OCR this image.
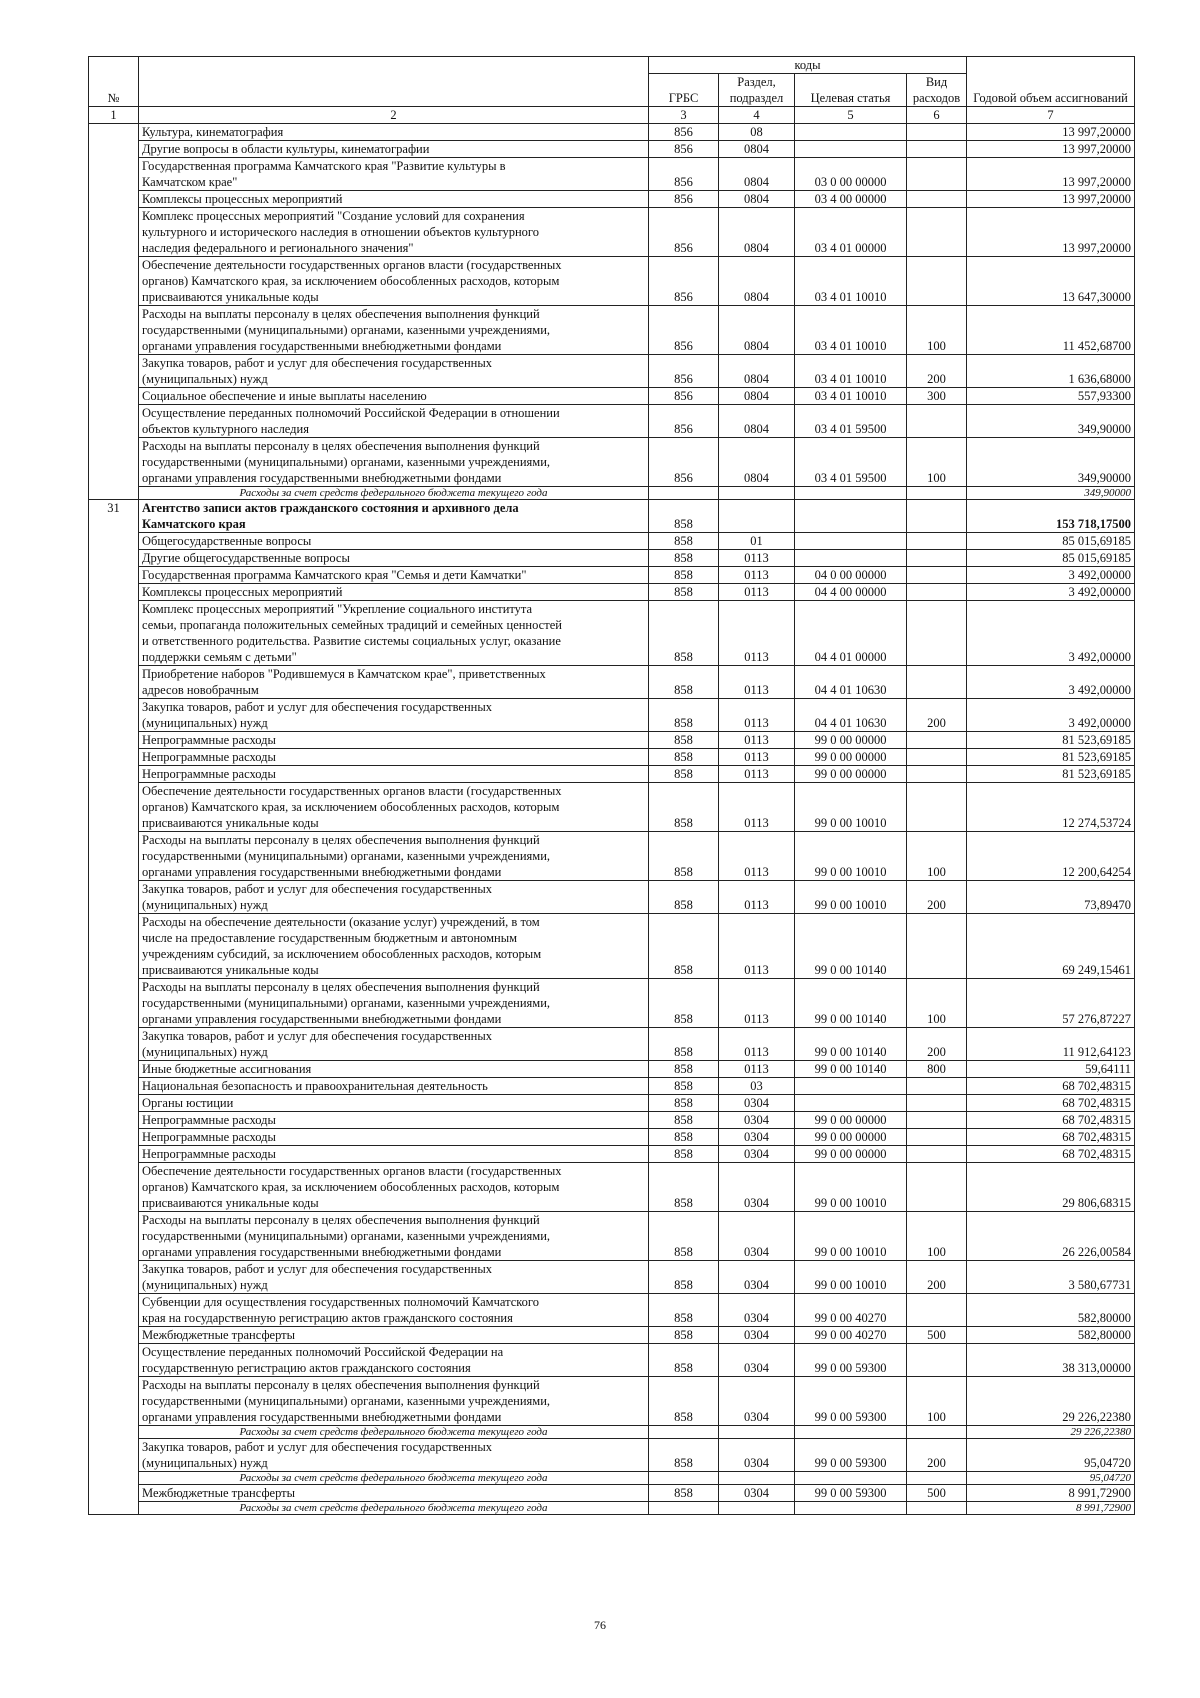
№		коды				Годовой объем ассигнований
		ГРБС	Раздел, подраздел	Целевая статья	Вид расходов	
1	2	3	4	5	6	7
	Культура, кинематография	856	08			13 997,20000
	Другие вопросы в области культуры, кинематографии	856	0804			13 997,20000
	Государственная программа Камчатского края "Развитие культуры в
Камчатском крае"	856	0804	03 0 00 00000		13 997,20000
	Комплексы процессных мероприятий	856	0804	03 4 00 00000		13 997,20000
	Комплекс процессных мероприятий "Создание условий для сохранения
культурного и исторического наследия в отношении объектов культурного
наследия федерального и регионального значения"	856	0804	03 4 01 00000		13 997,20000
	Обеспечение деятельности государственных органов власти (государственных
органов) Камчатского края, за исключением обособленных расходов, которым
присваиваются уникальные коды	856	0804	03 4 01 10010		13 647,30000
	Расходы на выплаты персоналу в целях обеспечения выполнения функций
государственными (муниципальными) органами, казенными учреждениями,
органами управления государственными внебюджетными фондами	856	0804	03 4 01 10010	100	11 452,68700
	Закупка товаров, работ и услуг для обеспечения государственных
(муниципальных) нужд	856	0804	03 4 01 10010	200	1 636,68000
	Социальное обеспечение и иные выплаты населению	856	0804	03 4 01 10010	300	557,93300
	Осуществление переданных полномочий Российской Федерации в отношении
объектов культурного наследия	856	0804	03 4 01 59500		349,90000
	Расходы на выплаты персоналу в целях обеспечения выполнения функций
государственными (муниципальными) органами, казенными учреждениями,
органами управления государственными внебюджетными фондами	856	0804	03 4 01 59500	100	349,90000
	Расходы за счет средств федерального бюджета текущего года					349,90000
31	Агентство записи актов гражданского состояния и архивного дела
Камчатского края	858				153 718,17500
	Общегосударственные вопросы	858	01			85 015,69185
	Другие общегосударственные вопросы	858	0113			85 015,69185
	Государственная программа Камчатского края "Семья и дети Камчатки"	858	0113	04 0 00 00000		3 492,00000
	Комплексы процессных мероприятий	858	0113	04 4 00 00000		3 492,00000
	Комплекс процессных мероприятий "Укрепление социального института
семьи, пропаганда положительных семейных традиций и семейных ценностей
и ответственного родительства. Развитие системы социальных услуг, оказание
поддержки семьям с детьми"	858	0113	04 4 01 00000		3 492,00000
	Приобретение наборов "Родившемуся в Камчатском крае", приветственных
адресов новобрачным	858	0113	04 4 01 10630		3 492,00000
	Закупка товаров, работ и услуг для обеспечения государственных
(муниципальных) нужд	858	0113	04 4 01 10630	200	3 492,00000
	Непрограммные расходы	858	0113	99 0 00 00000		81 523,69185
	Непрограммные расходы	858	0113	99 0 00 00000		81 523,69185
	Непрограммные расходы	858	0113	99 0 00 00000		81 523,69185
	Обеспечение деятельности государственных органов власти (государственных
органов) Камчатского края, за исключением обособленных расходов, которым
присваиваются уникальные коды	858	0113	99 0 00 10010		12 274,53724
	Расходы на выплаты персоналу в целях обеспечения выполнения функций
государственными (муниципальными) органами, казенными учреждениями,
органами управления государственными внебюджетными фондами	858	0113	99 0 00 10010	100	12 200,64254
	Закупка товаров, работ и услуг для обеспечения государственных
(муниципальных) нужд	858	0113	99 0 00 10010	200	73,89470
	Расходы на обеспечение деятельности (оказание услуг) учреждений, в том
числе на предоставление государственным бюджетным и автономным
учреждениям субсидий, за исключением обособленных расходов, которым
присваиваются уникальные коды	858	0113	99 0 00 10140		69 249,15461
	Расходы на выплаты персоналу в целях обеспечения выполнения функций
государственными (муниципальными) органами, казенными учреждениями,
органами управления государственными внебюджетными фондами	858	0113	99 0 00 10140	100	57 276,87227
	Закупка товаров, работ и услуг для обеспечения государственных
(муниципальных) нужд	858	0113	99 0 00 10140	200	11 912,64123
	Иные бюджетные ассигнования	858	0113	99 0 00 10140	800	59,64111
	Национальная безопасность и правоохранительная деятельность	858	03			68 702,48315
	Органы юстиции	858	0304			68 702,48315
	Непрограммные расходы	858	0304	99 0 00 00000		68 702,48315
	Непрограммные расходы	858	0304	99 0 00 00000		68 702,48315
	Непрограммные расходы	858	0304	99 0 00 00000		68 702,48315
	Обеспечение деятельности государственных органов власти (государственных
органов) Камчатского края, за исключением обособленных расходов, которым
присваиваются уникальные коды	858	0304	99 0 00 10010		29 806,68315
	Расходы на выплаты персоналу в целях обеспечения выполнения функций
государственными (муниципальными) органами, казенными учреждениями,
органами управления государственными внебюджетными фондами	858	0304	99 0 00 10010	100	26 226,00584
	Закупка товаров, работ и услуг для обеспечения государственных
(муниципальных) нужд	858	0304	99 0 00 10010	200	3 580,67731
	Субвенции для осуществления государственных полномочий Камчатского
края на государственную регистрацию актов гражданского состояния	858	0304	99 0 00 40270		582,80000
	Межбюджетные трансферты	858	0304	99 0 00 40270	500	582,80000
	Осуществление переданных полномочий Российской Федерации на
государственную регистрацию актов гражданского состояния	858	0304	99 0 00 59300		38 313,00000
	Расходы на выплаты персоналу в целях обеспечения выполнения функций
государственными (муниципальными) органами, казенными учреждениями,
органами управления государственными внебюджетными фондами	858	0304	99 0 00 59300	100	29 226,22380
	Расходы за счет средств федерального бюджета текущего года					29 226,22380
	Закупка товаров, работ и услуг для обеспечения государственных
(муниципальных) нужд	858	0304	99 0 00 59300	200	95,04720
	Расходы за счет средств федерального бюджета текущего года					95,04720
	Межбюджетные трансферты	858	0304	99 0 00 59300	500	8 991,72900
	Расходы за счет средств федерального бюджета текущего года					8 991,72900
76
